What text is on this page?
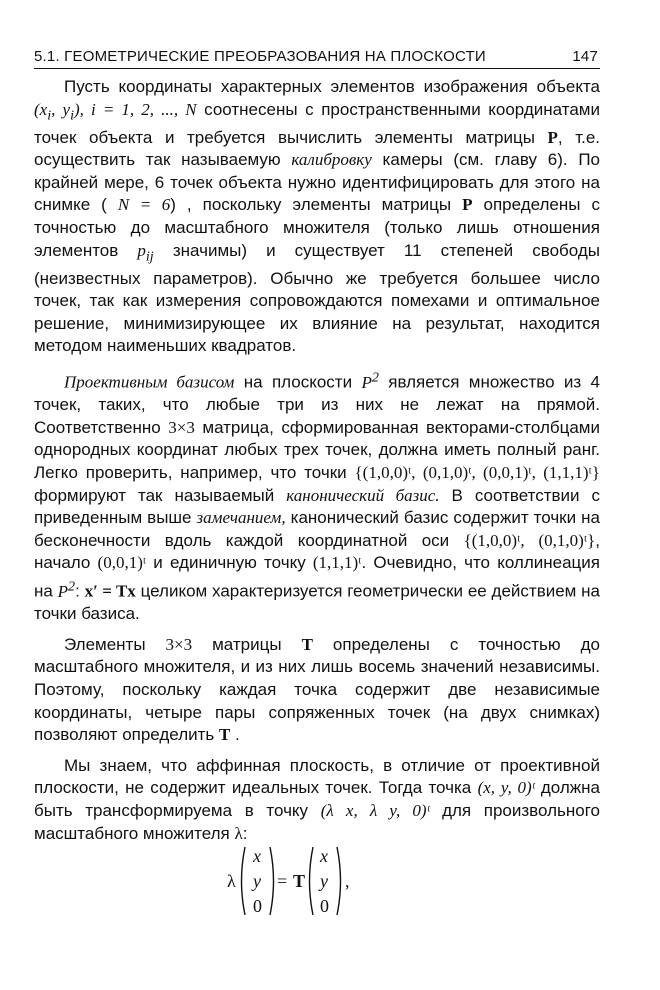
5.1. ГЕОМЕТРИЧЕСКИЕ ПРЕОБРАЗОВАНИЯ НА ПЛОСКОСТИ	147

Пусть координаты характерных элементов изображения объекта ($x_i$, $y_i$), i = 1, 2, ..., N соотнесены с пространственными координатами точек объекта и требуется вычислить элементы матрицы P, т.е. осуществить так называемую калибровку камеры (см. главу 6). По крайней мере, 6 точек объекта нужно идентифицировать для этого на снимке ( N = 6) , поскольку элементы матрицы P определены с точностью до масштабного множителя (только лишь отношения элементов $p_{ij}$ значимы) и существует 11 степеней свободы (неизвестных параметров). Обычно же требуется большее число точек, так как измерения сопровождаются помехами и оптимальное решение, минимизирующее их влияние на результат, находится методом наименьших квадратов.

Проективным базисом на плоскости $P^2$ является множество из 4 точек, таких, что любые три из них не лежат на прямой. Соответственно 3×3 матрица, сформированная векторами-столбцами однородных координат любых трех точек, должна иметь полный ранг. Легко проверить, например, что точки {(1,0,0)ᵗ, (0,1,0)ᵗ, (0,0,1)ᵗ, (1,1,1)ᵗ} формируют так называемый канонический базис. В соответствии с приведенным выше замечанием, канонический базис содержит точки на бесконечности вдоль каждой координатной оси {(1,0,0)ᵗ, (0,1,0)ᵗ}, начало (0,0,1)ᵗ и единичную точку (1,1,1)ᵗ. Очевидно, что коллинеация на $P^2$: x′ = Tx целиком характеризуется геометрически ее действием на точки базиса.

Элементы 3×3 матрицы T определены с точностью до масштабного множителя, и из них лишь восемь значений независимы. Поэтому, поскольку каждая точка содержит две независимые координаты, четыре пары сопряженных точек (на двух снимках) позволяют определить T .

Мы знаем, что аффинная плоскость, в отличие от проективной плоскости, не содержит идеальных точек. Тогда точка (x, y, 0)ᵗ должна быть трансформируема в точку (λ x, λ y, 0)ᵗ для произвольного масштабного множителя λ:

λ
x
y
0
= T
x
y
0
,
